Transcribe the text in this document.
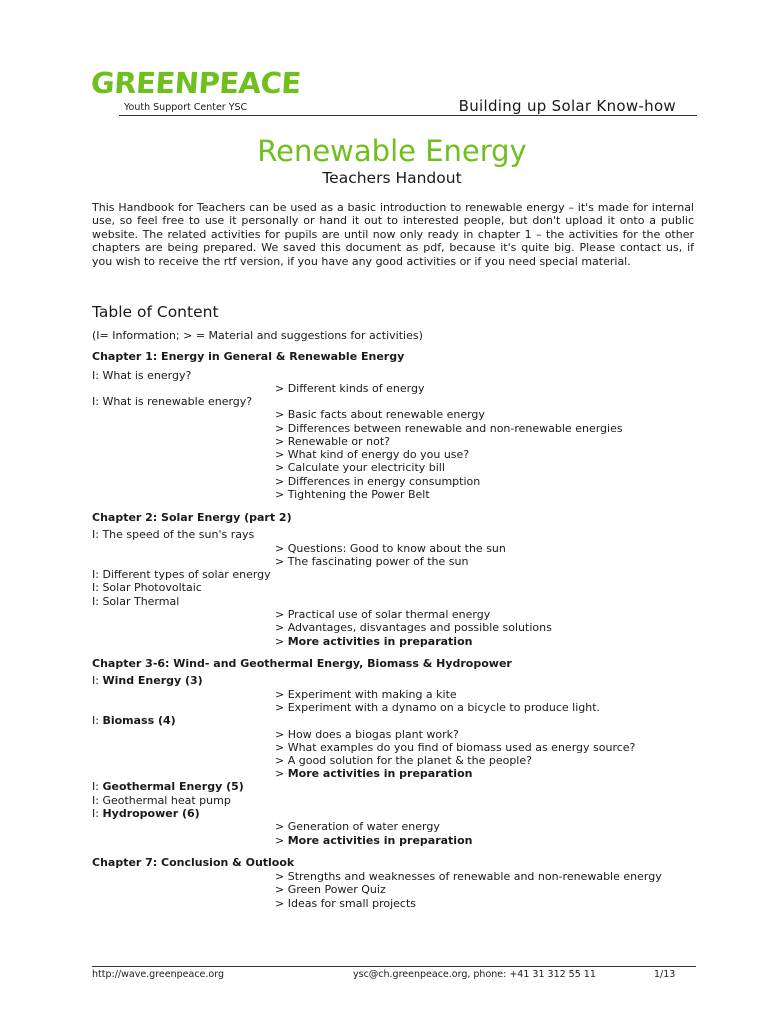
GREENPEACE
Youth Support Center YSC	Building up Solar Know-how
Renewable Energy
Teachers Handout
This Handbook for Teachers can be used as a basic introduction to renewable energy – it's made for internal use, so feel free to use it personally or hand it out to interested people, but don't upload it onto a public website. The related activities for pupils are until now only ready in chapter 1 – the activities for the other chapters are being prepared. We saved this document as pdf, because it's quite big. Please contact us, if you wish to receive the rtf version, if you have any good activities or if you need special material.
Table of Content
(I= Information; > = Material and suggestions for activities)
Chapter 1: Energy in General & Renewable Energy
I: What is energy?
> Different kinds of energy
I: What is renewable energy?
> Basic facts about renewable energy
> Differences between renewable and non-renewable energies
> Renewable or not?
> What kind of energy do you use?
> Calculate your electricity bill
> Differences in energy consumption
> Tightening the Power Belt
Chapter 2: Solar Energy (part 2)
I: The speed of the sun's rays
> Questions: Good to know about the sun
> The fascinating power of the sun
I: Different types of solar energy
I: Solar Photovoltaic
I: Solar Thermal
> Practical use of solar thermal energy
> Advantages, disvantages and possible solutions
> More activities in preparation
Chapter 3-6: Wind- and Geothermal Energy, Biomass & Hydropower
I: Wind Energy (3)
> Experiment with making a kite
> Experiment with a dynamo on a bicycle to produce light.
I: Biomass (4)
> How does a biogas plant work?
> What examples do you find of biomass used as energy source?
> A good solution for the planet & the people?
> More activities in preparation
I: Geothermal Energy (5)
I: Geothermal heat pump
I: Hydropower (6)
> Generation of water energy
> More activities in preparation
Chapter 7: Conclusion & Outlook
> Strengths and weaknesses of renewable and non-renewable energy
> Green Power Quiz
> Ideas for small projects
http://wave.greenpeace.org	ysc@ch.greenpeace.org, phone: +41 31 312 55 11	1/13
